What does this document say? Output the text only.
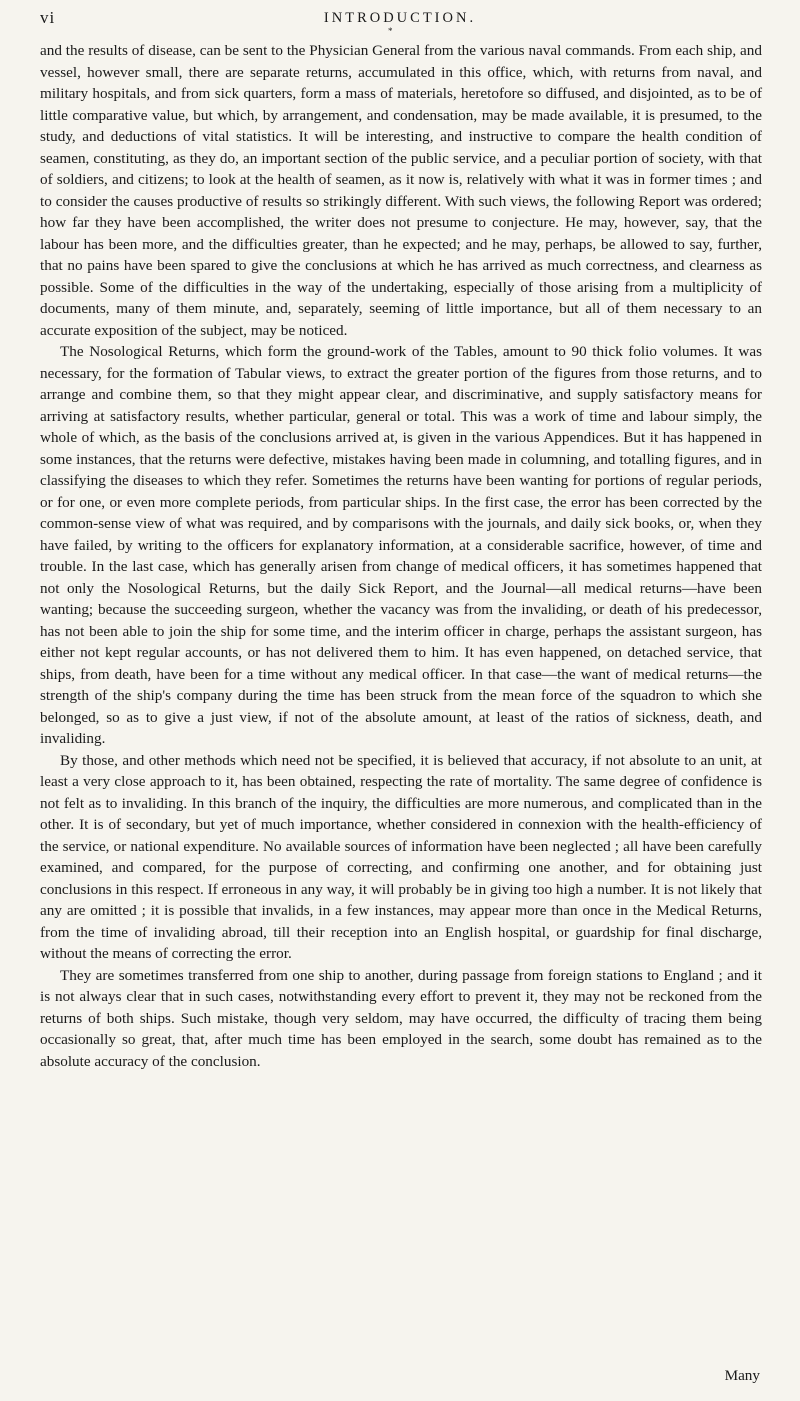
vi	INTRODUCTION.
*

and the results of disease, can be sent to the Physician General from the various naval commands. From each ship, and vessel, however small, there are separate returns, accumulated in this office, which, with returns from naval, and military hospitals, and from sick quarters, form a mass of materials, heretofore so diffused, and disjointed, as to be of little comparative value, but which, by arrangement, and condensation, may be made available, it is presumed, to the study, and deductions of vital statistics. It will be interesting, and instructive to compare the health condition of seamen, constituting, as they do, an important section of the public service, and a peculiar portion of society, with that of soldiers, and citizens; to look at the health of seamen, as it now is, relatively with what it was in former times ; and to consider the causes productive of results so strikingly different. With such views, the following Report was ordered; how far they have been accomplished, the writer does not presume to conjecture. He may, however, say, that the labour has been more, and the difficulties greater, than he expected; and he may, perhaps, be allowed to say, further, that no pains have been spared to give the conclusions at which he has arrived as much correctness, and clearness as possible. Some of the difficulties in the way of the undertaking, especially of those arising from a multiplicity of documents, many of them minute, and, separately, seeming of little importance, but all of them necessary to an accurate exposition of the subject, may be noticed.

The Nosological Returns, which form the ground-work of the Tables, amount to 90 thick folio volumes. It was necessary, for the formation of Tabular views, to extract the greater portion of the figures from those returns, and to arrange and combine them, so that they might appear clear, and discriminative, and supply satisfactory means for arriving at satisfactory results, whether particular, general or total. This was a work of time and labour simply, the whole of which, as the basis of the conclusions arrived at, is given in the various Appendices. But it has happened in some instances, that the returns were defective, mistakes having been made in columning, and totalling figures, and in classifying the diseases to which they refer. Sometimes the returns have been wanting for portions of regular periods, or for one, or even more complete periods, from particular ships. In the first case, the error has been corrected by the common-sense view of what was required, and by comparisons with the journals, and daily sick books, or, when they have failed, by writing to the officers for explanatory information, at a considerable sacrifice, however, of time and trouble. In the last case, which has generally arisen from change of medical officers, it has sometimes happened that not only the Nosological Returns, but the daily Sick Report, and the Journal—all medical returns—have been wanting; because the succeeding surgeon, whether the vacancy was from the invaliding, or death of his predecessor, has not been able to join the ship for some time, and the interim officer in charge, perhaps the assistant surgeon, has either not kept regular accounts, or has not delivered them to him. It has even happened, on detached service, that ships, from death, have been for a time without any medical officer. In that case—the want of medical returns—the strength of the ship's company during the time has been struck from the mean force of the squadron to which she belonged, so as to give a just view, if not of the absolute amount, at least of the ratios of sickness, death, and invaliding.

By those, and other methods which need not be specified, it is believed that accuracy, if not absolute to an unit, at least a very close approach to it, has been obtained, respecting the rate of mortality. The same degree of confidence is not felt as to invaliding. In this branch of the inquiry, the difficulties are more numerous, and complicated than in the other. It is of secondary, but yet of much importance, whether considered in connexion with the health-efficiency of the service, or national expenditure. No available sources of information have been neglected ; all have been carefully examined, and compared, for the purpose of correcting, and confirming one another, and for obtaining just conclusions in this respect. If erroneous in any way, it will probably be in giving too high a number. It is not likely that any are omitted ; it is possible that invalids, in a few instances, may appear more than once in the Medical Returns, from the time of invaliding abroad, till their reception into an English hospital, or guardship for final discharge, without the means of correcting the error.

They are sometimes transferred from one ship to another, during passage from foreign stations to England ; and it is not always clear that in such cases, notwithstanding every effort to prevent it, they may not be reckoned from the returns of both ships. Such mistake, though very seldom, may have occurred, the difficulty of tracing them being occasionally so great, that, after much time has been employed in the search, some doubt has remained as to the absolute accuracy of the conclusion.

Many
